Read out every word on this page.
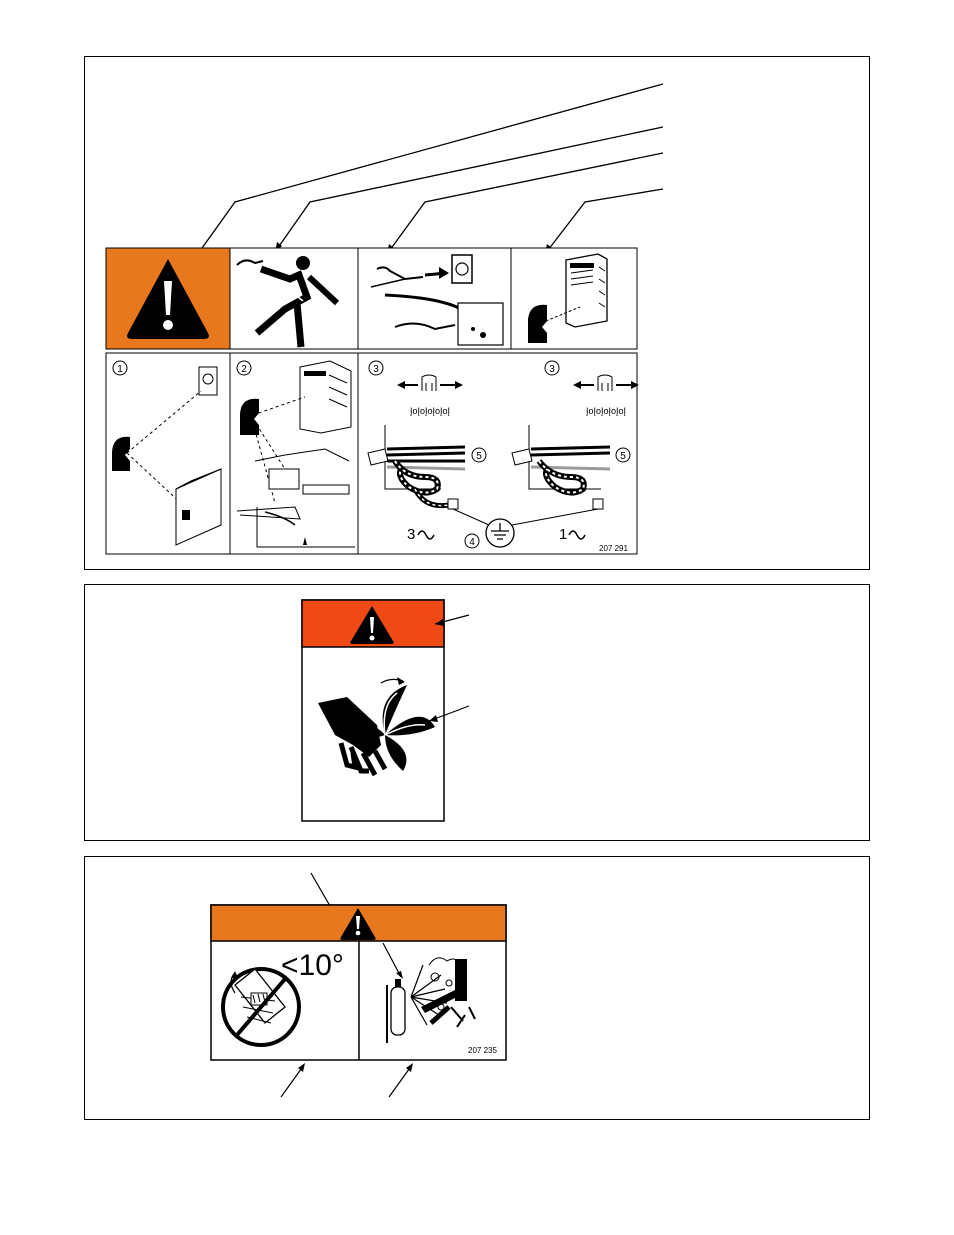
1	2	3	3
ĮoĮoĮoĮoĮoĮ	ĮoĮoĮoĮoĮoĮ
5	5
4
3	1
207 291
<10°
207 235
